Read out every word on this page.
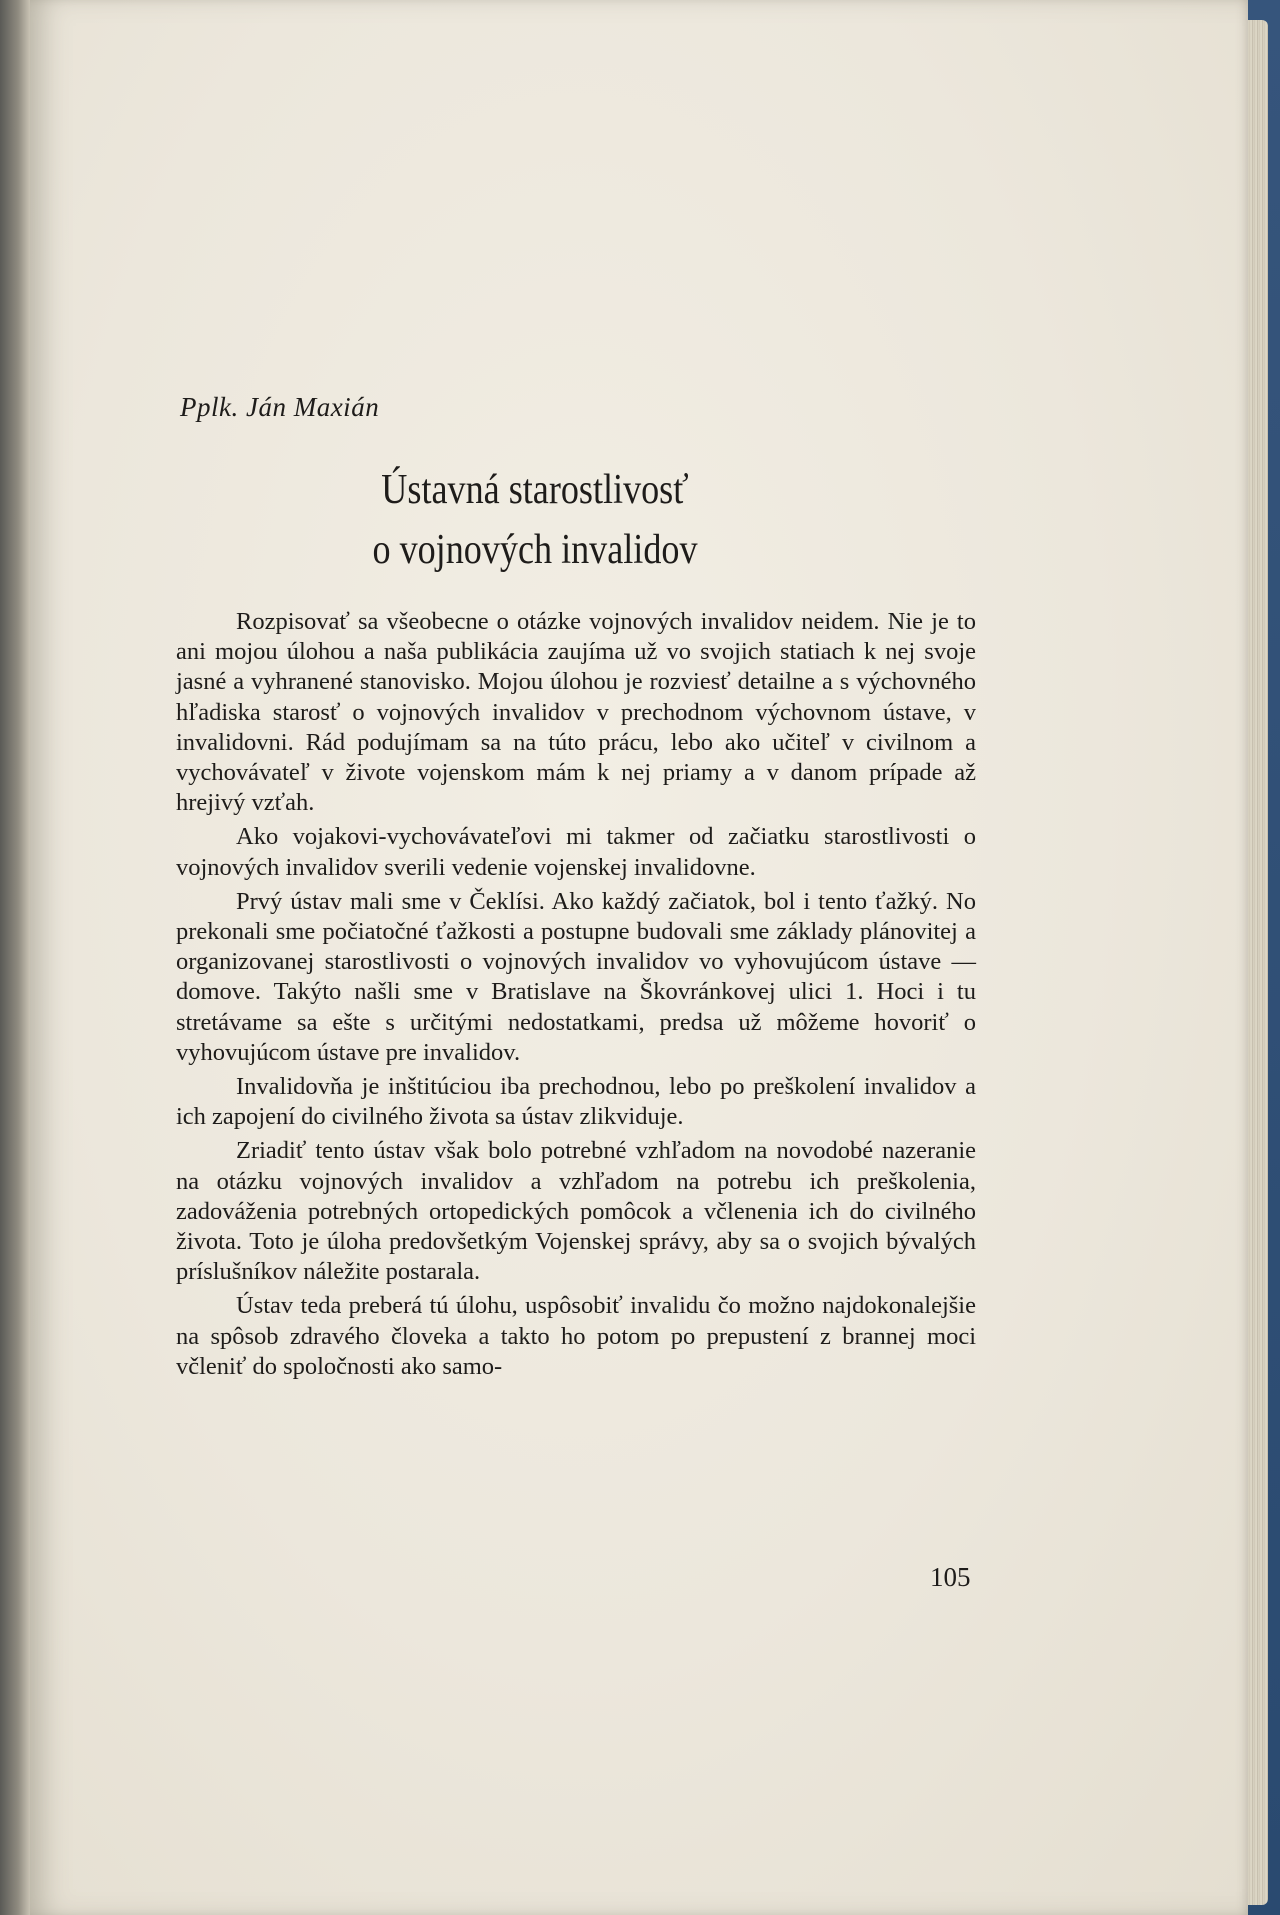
Pplk. Ján Maxián
Ústavná starostlivosť
o vojnových invalidov

Rozpisovať sa všeobecne o otázke vojnových invalidov neidem. Nie je to ani mojou úlohou a naša publikácia zaujíma už vo svojich statiach k nej svoje jasné a vyhranené stanovisko. Mojou úlohou je rozviesť detailne a s výchovného hľadiska starosť o vojnových invalidov v prechodnom výchovnom ústave, v invalidovni. Rád podujímam sa na túto prácu, lebo ako učiteľ v civilnom a vychovávateľ v živote vojenskom mám k nej priamy a v danom prípade až hrejivý vzťah.

Ako vojakovi-vychovávateľovi mi takmer od začiatku starostlivosti o vojnových invalidov sverili vedenie vojenskej invalidovne.

Prvý ústav mali sme v Čeklísi. Ako každý začiatok, bol i tento ťažký. No prekonali sme počiatočné ťažkosti a postupne budovali sme základy plánovitej a organizovanej starostlivosti o vojnových invalidov vo vyhovujúcom ústave — domove. Takýto našli sme v Bratislave na Škovránkovej ulici 1. Hoci i tu stretávame sa ešte s určitými nedostatkami, predsa už môžeme hovoriť o vyhovujúcom ústave pre invalidov.

Invalidovňa je inštitúciou iba prechodnou, lebo po preškolení invalidov a ich zapojení do civilného života sa ústav zlikviduje.

Zriadiť tento ústav však bolo potrebné vzhľadom na novodobé nazeranie na otázku vojnových invalidov a vzhľadom na potrebu ich preškolenia, zadováženia potrebných ortopedických pomôcok a včlenenia ich do civilného života. Toto je úloha predovšetkým Vojenskej správy, aby sa o svojich bývalých príslušníkov náležite postarala.

Ústav teda preberá tú úlohu, uspôsobiť invalidu čo možno najdokonalejšie na spôsob zdravého človeka a takto ho potom po prepustení z brannej moci včleniť do spoločnosti ako samo-

105
